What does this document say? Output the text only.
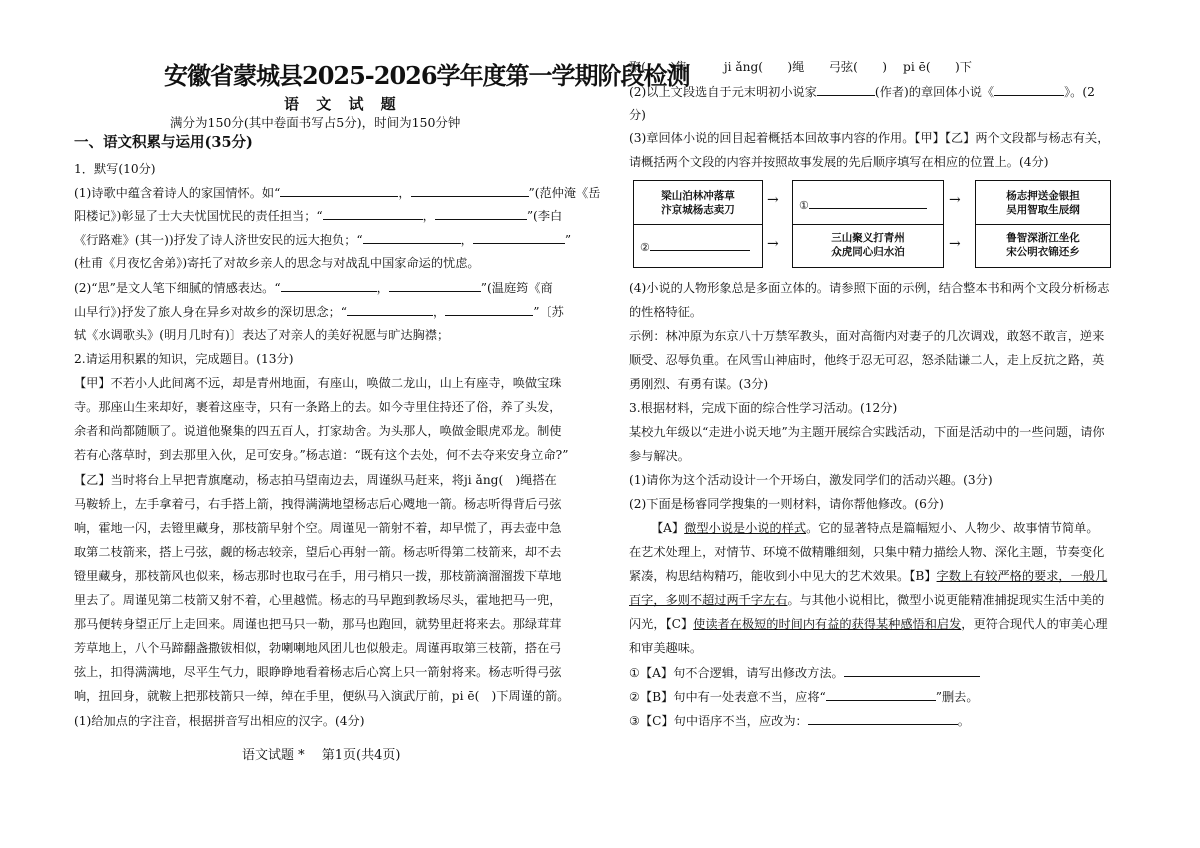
安徽省蒙城县2025-2026学年度第一学期阶段检测
语 文 试 题
满分为150分(其中卷面书写占5分)，时间为150分钟
一、语文积累与运用(35分)
1．默写(10分)
(1)诗歌中蕴含着诗人的家国情怀。如“	，	”(范仲淹《岳
阳楼记》)彰显了士大夫忧国忧民的责任担当；“	，	”(李白
《行路难》(其一))抒发了诗人济世安民的远大抱负；“	，	”
(杜甫《月夜忆舍弟》)寄托了对故乡亲人的思念与对战乱中国家命运的忧虑。
(2)“思”是文人笔下细腻的情感表达。“	，	”(温庭筠《商
山早行》)抒发了旅人身在异乡对故乡的深切思念；“	，	”〔苏
轼《水调歌头》(明月几时有)〕表达了对亲人的美好祝愿与旷达胸襟；
2.请运用积累的知识，完成题目。(13分)
【甲】不若小人此间离不远，却是青州地面，有座山，唤做二龙山，山上有座寺，唤做宝珠
寺。那座山生来却好，裹着这座寺，只有一条路上的去。如今寺里住持还了俗，养了头发，
余者和尚都随顺了。说道他聚集的四五百人，打家劫舍。为头那人，唤做金眼虎邓龙。制使
若有心落草时，到去那里入伙，足可安身。”杨志道：“既有这个去处，何不去夺来安身立命?”
【乙】当时将台上早把青旗麾动，杨志拍马望南边去，周谨纵马赶来，将ji ǎng(　)绳搭在
马鞍轿上，左手拿着弓，右手搭上箭，拽得满满地望杨志后心飕地一箭。杨志听得背后弓弦
响，霍地一闪，去镫里藏身，那枝箭早射个空。周谨见一箭射不着，却早慌了，再去壶中急
取第二枝箭来，搭上弓弦，觑的杨志较亲，望后心再射一箭。杨志听得第二枝箭来，却不去
镫里藏身，那枝箭风也似来，杨志那时也取弓在手，用弓梢只一拨，那枝箭滴溜溜拨下草地
里去了。周谨见第二枝箭又射不着，心里越慌。杨志的马早跑到教场尽头，霍地把马一兜，
那马便转身望正厅上走回来。周谨也把马只一勒，那马也跑回，就势里赶将来去。那绿茸茸
芳草地上，八个马蹄翻盏撒钹相似，勃喇喇地风团儿也似般走。周谨再取第三枝箭，搭在弓
弦上，扣得满满地，尽平生气力，眼睁睁地看着杨志后心窝上只一箭射将来。杨志听得弓弦
响，扭回身，就鞍上把那枝箭只一绰，绰在手里，便纵马入演武厅前，pi ē(　)下周谨的箭。
(1)给加点的字注音，根据拼音写出相应的汉字。(4分)
语文试题 *　 第1页(共4页)
聚(　　)集　　　ji ǎng(　　)绳　　弓弦(　　)　 pi ē(　　)下
(2)以上文段选自于元末明初小说家	(作者)的章回体小说《	》。(2
分)
(3)章回体小说的回目起着概括本回故事内容的作用。【甲】【乙】两个文段都与杨志有关，
请概括两个文段的内容并按照故事发展的先后顺序填写在相应的位置上。(4分)
梁山泊林冲落草
汴京城杨志卖刀
②
→
→
①
三山聚义打青州
众虎同心归水泊
→
→
杨志押送金银担
吴用智取生辰纲
鲁智深浙江坐化
宋公明衣锦还乡
(4)小说的人物形象总是多面立体的。请参照下面的示例，结合整本书和两个文段分析杨志
的性格特征。
示例：林冲原为东京八十万禁军教头，面对高衙内对妻子的几次调戏，敢怒不敢言，逆来
顺受、忍辱负重。在风雪山神庙时，他终于忍无可忍，怒杀陆谦二人，走上反抗之路，英
勇刚烈、有勇有谋。(3分)
3.根据材料，完成下面的综合性学习活动。(12分)
某校九年级以“走进小说天地”为主题开展综合实践活动，下面是活动中的一些问题，请你
参与解决。
(1)请你为这个活动设计一个开场白，激发同学们的活动兴趣。(3分)
(2)下面是杨睿同学搜集的一则材料，请你帮他修改。(6分)
【A】微型小说是小说的样式。它的显著特点是篇幅短小、人物少、故事情节简单。
在艺术处理上，对情节、环境不做精雕细刻，只集中精力描绘人物、深化主题，节奏变化
紧凑，构思结构精巧，能收到小中见大的艺术效果。【B】字数上有较严格的要求，一般几
百字，多则不超过两千字左右。与其他小说相比，微型小说更能精准捕捉现实生活中美的
闪光，【C】使读者在极短的时间内有益的获得某种感悟和启发，更符合现代人的审美心理
和审美趣味。
①【A】句不合逻辑，请写出修改方法。
②【B】句中有一处表意不当，应将“	”删去。
③【C】句中语序不当，应改为：	。
